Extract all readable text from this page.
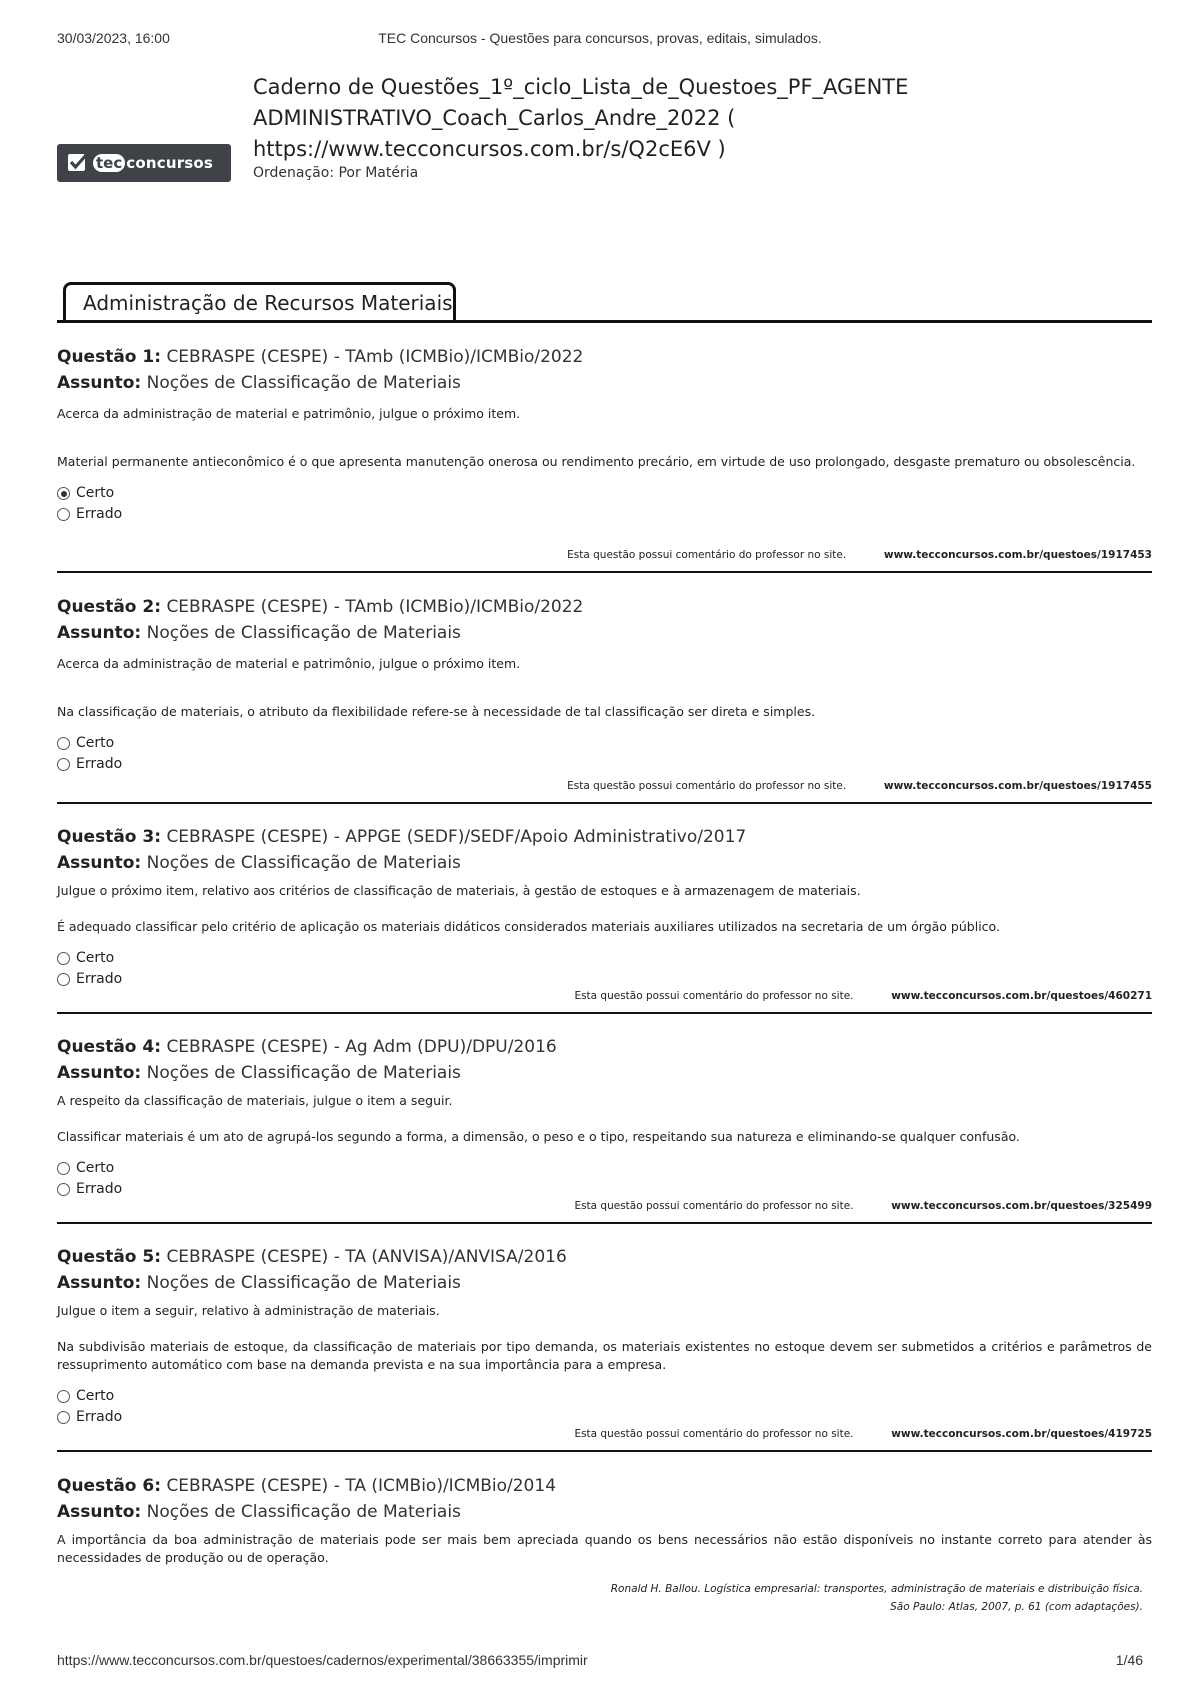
30/03/2023, 16:00	TEC Concursos - Questões para concursos, provas, editais, simulados.
tec concursos
Caderno de Questões_1º_ciclo_Lista_de_Questoes_PF_AGENTE ADMINISTRATIVO_Coach_Carlos_Andre_2022 ( https://www.tecconcursos.com.br/s/Q2cE6V )
Ordenação: Por Matéria
Administração de Recursos Materiais
Questão 1: CEBRASPE (CESPE) - TAmb (ICMBio)/ICMBio/2022
Assunto: Noções de Classificação de Materiais
Acerca da administração de material e patrimônio, julgue o próximo item.
Material permanente antieconômico é o que apresenta manutenção onerosa ou rendimento precário, em virtude de uso prolongado, desgaste prematuro ou obsolescência.
Certo
Errado
Esta questão possui comentário do professor no site.	www.tecconcursos.com.br/questoes/1917453
Questão 2: CEBRASPE (CESPE) - TAmb (ICMBio)/ICMBio/2022
Assunto: Noções de Classificação de Materiais
Acerca da administração de material e patrimônio, julgue o próximo item.
Na classificação de materiais, o atributo da flexibilidade refere-se à necessidade de tal classificação ser direta e simples.
Certo
Errado
Esta questão possui comentário do professor no site.	www.tecconcursos.com.br/questoes/1917455
Questão 3: CEBRASPE (CESPE) - APPGE (SEDF)/SEDF/Apoio Administrativo/2017
Assunto: Noções de Classificação de Materiais
Julgue o próximo item, relativo aos critérios de classificação de materiais, à gestão de estoques e à armazenagem de materiais.
É adequado classificar pelo critério de aplicação os materiais didáticos considerados materiais auxiliares utilizados na secretaria de um órgão público.
Certo
Errado
Esta questão possui comentário do professor no site.	www.tecconcursos.com.br/questoes/460271
Questão 4: CEBRASPE (CESPE) - Ag Adm (DPU)/DPU/2016
Assunto: Noções de Classificação de Materiais
A respeito da classificação de materiais, julgue o item a seguir.
Classificar materiais é um ato de agrupá-los segundo a forma, a dimensão, o peso e o tipo, respeitando sua natureza e eliminando-se qualquer confusão.
Certo
Errado
Esta questão possui comentário do professor no site.	www.tecconcursos.com.br/questoes/325499
Questão 5: CEBRASPE (CESPE) - TA (ANVISA)/ANVISA/2016
Assunto: Noções de Classificação de Materiais
Julgue o item a seguir, relativo à administração de materiais.
Na subdivisão materiais de estoque, da classificação de materiais por tipo demanda, os materiais existentes no estoque devem ser submetidos a critérios e parâmetros de ressuprimento automático com base na demanda prevista e na sua importância para a empresa.
Certo
Errado
Esta questão possui comentário do professor no site.	www.tecconcursos.com.br/questoes/419725
Questão 6: CEBRASPE (CESPE) - TA (ICMBio)/ICMBio/2014
Assunto: Noções de Classificação de Materiais
A importância da boa administração de materiais pode ser mais bem apreciada quando os bens necessários não estão disponíveis no instante correto para atender às necessidades de produção ou de operação.
Ronald H. Ballou. Logística empresarial: transportes, administração de materiais e distribuição física.
São Paulo: Atlas, 2007, p. 61 (com adaptações).
https://www.tecconcursos.com.br/questoes/cadernos/experimental/38663355/imprimir	1/46
